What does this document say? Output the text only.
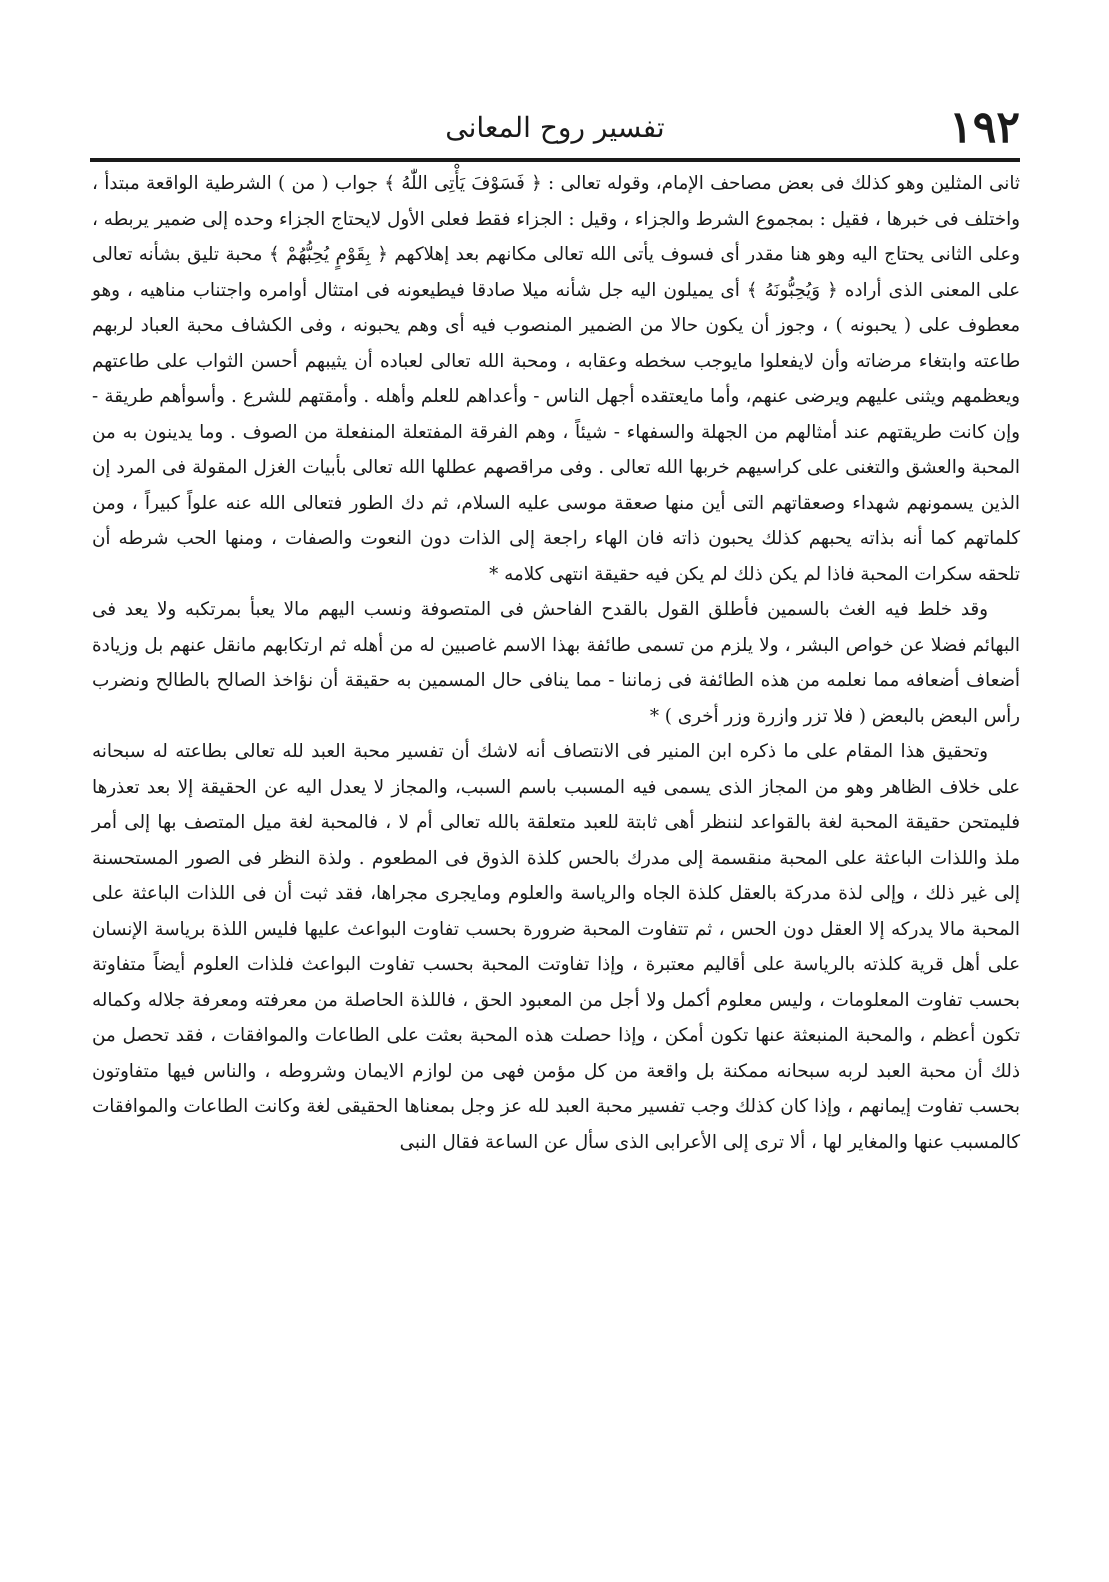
١٩٢
تفسير روح المعانى

ثانى المثلين وهو كذلك فى بعض مصاحف الإمام، وقوله تعالى : ﴿ فَسَوْفَ يَأْتِى اللّٰهُ ﴾ جواب ( من ) الشرطية الواقعة مبتدأ ، واختلف فى خبرها ، فقيل : بمجموع الشرط والجزاء ، وقيل : الجزاء فقط فعلى الأول لايحتاج الجزاء وحده إلى ضمير يربطه ، وعلى الثانى يحتاج اليه وهو هنا مقدر أى فسوف يأتى الله تعالى مكانهم بعد إهلاكهم ﴿ بِقَوْمٍ يُحِبُّهُمْ ﴾ محبة تليق بشأنه تعالى على المعنى الذى أراده ﴿ وَيُحِبُّونَهُ ﴾ أى يميلون اليه جل شأنه ميلا صادقا فيطيعونه فى امتثال أوامره واجتناب مناهيه ، وهو معطوف على ( يحبونه ) ، وجوز أن يكون حالا من الضمير المنصوب فيه أى وهم يحبونه ، وفى الكشاف محبة العباد لربهم طاعته وابتغاء مرضاته وأن لايفعلوا مايوجب سخطه وعقابه ، ومحبة الله تعالى لعباده أن يثيبهم أحسن الثواب على طاعتهم ويعظمهم ويثنى عليهم ويرضى عنهم، وأما مايعتقده أجهل الناس - وأعداهم للعلم وأهله . وأمقتهم للشرع . وأسوأهم طريقة - وإن كانت طريقتهم عند أمثالهم من الجهلة والسفهاء - شيئاً ، وهم الفرقة المفتعلة المنفعلة من الصوف . وما يدينون به من المحبة والعشق والتغنى على كراسيهم خربها الله تعالى . وفى مراقصهم عطلها الله تعالى بأبيات الغزل المقولة فى المرد إن الذين يسمونهم شهداء وصعقاتهم التى أين منها صعقة موسى عليه السلام، ثم دك الطور فتعالى الله عنه علواً كبيراً ، ومن كلماتهم كما أنه بذاته يحبهم كذلك يحبون ذاته فان الهاء راجعة إلى الذات دون النعوت والصفات ، ومنها الحب شرطه أن تلحقه سكرات المحبة فاذا لم يكن ذلك لم يكن فيه حقيقة انتهى كلامه *

وقد خلط فيه الغث بالسمين فأطلق القول بالقدح الفاحش فى المتصوفة ونسب اليهم مالا يعبأ بمرتكبه ولا يعد فى البهائم فضلا عن خواص البشر ، ولا يلزم من تسمى طائفة بهذا الاسم غاصبين له من أهله ثم ارتكابهم مانقل عنهم بل وزيادة أضعاف أضعافه مما نعلمه من هذه الطائفة فى زماننا - مما ينافى حال المسمين به حقيقة أن نؤاخذ الصالح بالطالح ونضرب رأس البعض بالبعض ( فلا تزر وازرة وزر أخرى ) *

وتحقيق هذا المقام على ما ذكره ابن المنير فى الانتصاف أنه لاشك أن تفسير محبة العبد لله تعالى بطاعته له سبحانه على خلاف الظاهر وهو من المجاز الذى يسمى فيه المسبب باسم السبب، والمجاز لا يعدل اليه عن الحقيقة إلا بعد تعذرها فليمتحن حقيقة المحبة لغة بالقواعد لننظر أهى ثابتة للعبد متعلقة بالله تعالى أم لا ، فالمحبة لغة ميل المتصف بها إلى أمر ملذ واللذات الباعثة على المحبة منقسمة إلى مدرك بالحس كلذة الذوق فى المطعوم . ولذة النظر فى الصور المستحسنة إلى غير ذلك ، وإلى لذة مدركة بالعقل كلذة الجاه والرياسة والعلوم ومايجرى مجراها، فقد ثبت أن فى اللذات الباعثة على المحبة مالا يدركه إلا العقل دون الحس ، ثم تتفاوت المحبة ضرورة بحسب تفاوت البواعث عليها فليس اللذة برياسة الإنسان على أهل قرية كلذته بالرياسة على أقاليم معتبرة ، وإذا تفاوتت المحبة بحسب تفاوت البواعث فلذات العلوم أيضاً متفاوتة بحسب تفاوت المعلومات ، وليس معلوم أكمل ولا أجل من المعبود الحق ، فاللذة الحاصلة من معرفته ومعرفة جلاله وكماله تكون أعظم ، والمحبة المنبعثة عنها تكون أمكن ، وإذا حصلت هذه المحبة بعثت على الطاعات والموافقات ، فقد تحصل من ذلك أن محبة العبد لربه سبحانه ممكنة بل واقعة من كل مؤمن فهى من لوازم الايمان وشروطه ، والناس فيها متفاوتون بحسب تفاوت إيمانهم ، وإذا كان كذلك وجب تفسير محبة العبد لله عز وجل بمعناها الحقيقى لغة وكانت الطاعات والموافقات كالمسبب عنها والمغاير لها ، ألا ترى إلى الأعرابى الذى سأل عن الساعة فقال النبى
